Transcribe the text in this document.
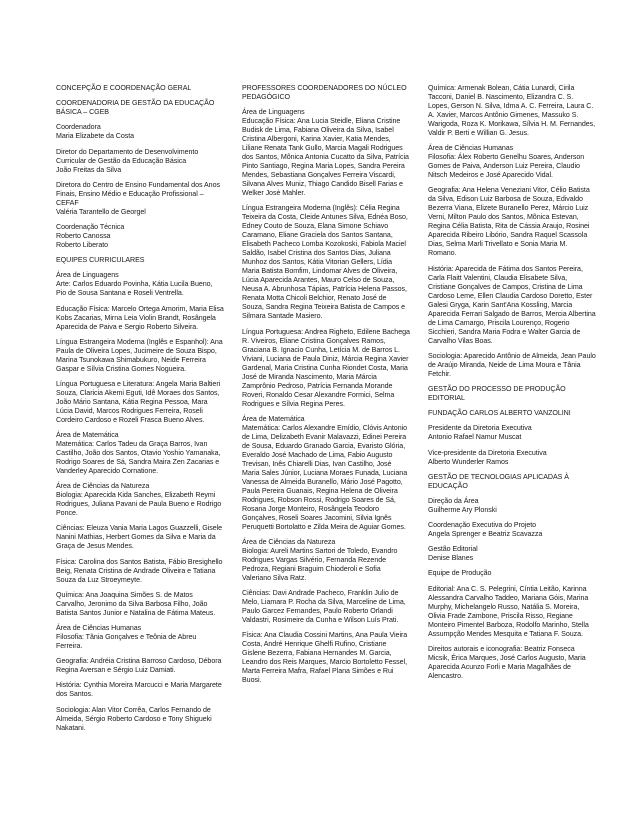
CONCEPÇÃO E COORDENAÇÃO GERAL

COORDENADORIA DE GESTÃO DA EDUCAÇÃO BÁSICA – CGEB

Coordenadora
Maria Elizabete da Costa

Diretor do Departamento de Desenvolvimento Curricular de Gestão da Educação Básica
João Freitas da Silva

Diretora do Centro de Ensino Fundamental dos Anos Finais, Ensino Médio e Educação Profissional – CEFAF
Valéria Tarantello de Georgel

Coordenação Técnica
Roberto Canossa
Roberto Liberato

EQUIPES CURRICULARES

Área de Linguagens
Arte: Carlos Eduardo Povinha, Kátia Lucila Bueno, Pio de Sousa Santana e Roseli Ventrella.

Educação Física: Marcelo Ortega Amorim, Maria Elisa Kobs Zacarias, Mirna Leia Violin Brandt, Rosângela Aparecida de Paiva e Sergio Roberto Silveira.

Língua Estrangeira Moderna (Inglês e Espanhol): Ana Paula de Oliveira Lopes, Jucimeire de Souza Bispo, Marina Tsunokawa Shimabukuro, Neide Ferreira Gaspar e Sílvia Cristina Gomes Nogueira.

Língua Portuguesa e Literatura: Angela Maria Baltieri Souza, Claricia Akemi Eguti, Idê Moraes dos Santos, João Mário Santana, Kátia Regina Pessoa, Mara Lúcia David, Marcos Rodrigues Ferreira, Roseli Cordeiro Cardoso e Rozeli Frasca Bueno Alves.

Área de Matemática
Matemática: Carlos Tadeu da Graça Barros, Ivan Castilho, João dos Santos, Otavio Yoshio Yamanaka, Rodrigo Soares de Sá, Sandra Maira Zen Zacarias e Vanderley Aparecido Cornatione.

Área de Ciências da Natureza
Biologia: Aparecida Kida Sanches, Elizabeth Reymi Rodrigues, Juliana Pavani de Paula Bueno e Rodrigo Ponce.

Ciências: Eleuza Vania Maria Lagos Guazzelli, Gisele Nanini Mathias, Herbert Gomes da Silva e Maria da Graça de Jesus Mendes.

Física: Carolina dos Santos Batista, Fábio Bresighello Beig, Renata Cristina de Andrade Oliveira e Tatiana Souza da Luz Stroeymeyte.

Química: Ana Joaquina Simões S. de Matos Carvalho, Jeronimo da Silva Barbosa Filho, João Batista Santos Junior e Natalina de Fátima Mateus.

Área de Ciências Humanas
Filosofia: Tânia Gonçalves e Teônia de Abreu Ferreira.

Geografia: Andréia Cristina Barroso Cardoso, Débora Regina Aversan e Sérgio Luiz Damiati.

História: Cynthia Moreira Marcucci e Maria Margarete dos Santos.

Sociologia: Alan Vitor Corrêa, Carlos Fernando de Almeida, Sérgio Roberto Cardoso e Tony Shigueki Nakatani.

PROFESSORES COORDENADORES DO NÚCLEO PEDAGÓGICO

Área de Linguagens
Educação Física: Ana Lucia Steidle, Eliana Cristine Budisk de Lima, Fabiana Oliveira da Silva, Isabel Cristina Albergoni, Karina Xavier, Katia Mendes, Liliane Renata Tank Gullo, Marcia Magali Rodrigues dos Santos, Mônica Antonia Cucatto da Silva, Patrícia Pinto Santiago, Regina Maria Lopes, Sandra Pereira Mendes, Sebastiana Gonçalves Ferreira Viscardi, Silvana Alves Muniz, Thiago Candido Bisell Farias e Welker Josè Mahler.

Língua Estrangeira Moderna (Inglês): Célia Regina Teixeira da Costa, Cleide Antunes Silva, Ednéa Boso, Edney Couto de Souza, Elana Simone Schiavo Caramano, Eliane Graciela dos Santos Santana, Elisabeth Pacheco Lomba Kozokoski, Fabiola Maciel Saldão, Isabel Cristina dos Santos Dias, Juliana Munhoz dos Santos, Kátia Vitorian Gellers, Lídia Maria Batista Bomfim, Lindomar Alves de Oliveira, Lúcia Aparecida Arantes, Mauro Celso de Souza, Neusa A. Abrunhosa Tápias, Patrícia Helena Passos, Renata Motta Chicoli Belchior, Renato José de Souza, Sandra Regina Teixeira Batista de Campos e Silmara Santade Masiero.

Língua Portuguesa: Andrea Righeto, Edilene Bachega R. Viveiros, Eliane Cristina Gonçalves Ramos, Graciana B. Ignacio Cunha, Letícia M. de Barros L. Viviani, Luciana de Paula Diniz, Márcia Regina Xavier Gardenal, Maria Cristina Cunha Riondet Costa, Maria José de Miranda Nascimento, Maria Márcia Zamprônio Pedroso, Patrícia Fernanda Morande Roveri, Ronaldo Cesar Alexandre Formici, Selma Rodrigues e Sílvia Regina Peres.

Área de Matemática
Matemática: Carlos Alexandre Emídio, Clóvis Antonio de Lima, Delizabeth Evanir Malavazzi, Edinei Pereira de Sousa, Eduardo Granado Garcia, Evaristo Glória, Everaldo José Machado de Lima, Fabio Augusto Trevisan, Inês Chiarelli Dias, Ivan Castilho, José Maria Sales Júnior, Luciana Moraes Funada, Luciana Vanessa de Almeida Buranello, Mário José Pagotto, Paula Pereira Guanais, Regina Helena de Oliveira Rodrigues, Robson Rossi, Rodrigo Soares de Sá, Rosana Jorge Monteiro, Rosângela Teodoro Gonçalves, Roseli Soares Jacomini, Silvia Ignês Peruquetti Bortolatto e Zilda Meira de Aguiar Gomes.

Área de Ciências da Natureza
Biologia: Aureli Martins Sartori de Toledo, Evandro Rodrigues Vargas Silvério, Fernanda Rezende Pedroza, Regiani Braguim Chioderoli e Sofia Valeriano Silva Ratz.

Ciências: Davi Andrade Pacheco, Franklin Julio de Melo, Liamara P. Rocha da Silva, Marceline de Lima, Paulo Garcez Fernandes, Paulo Roberto Orlandi Valdastri, Rosimeire da Cunha e Wilson Luís Prati.

Física: Ana Claudia Cossini Martins, Ana Paula Vieira Costa, André Henrique Ghelfi Rufino, Cristiane Gislene Bezerra, Fabiana Hernandes M. Garcia, Leandro dos Reis Marques, Marcio Bortoletto Fessel, Marta Ferreira Mafra, Rafael Plana Simões e Rui Buosi.

Química: Armenak Bolean, Cátia Lunardi, Cirila Tacconi, Daniel B. Nascimento, Elizandra C. S. Lopes, Gerson N. Silva, Idma A. C. Ferreira, Laura C. A. Xavier, Marcos Antônio Gimenes, Massuko S. Warigoda, Roza K. Morikawa, Sílvia H. M. Fernandes, Valdir P. Berti e Willian G. Jesus.

Área de Ciências Humanas
Filosofia: Álex Roberto Genelhu Soares, Anderson Gomes de Paiva, Anderson Luiz Pereira, Claudio Nitsch Medeiros e José Aparecido Vidal.

Geografia: Ana Helena Veneziani Vitor, Célio Batista da Silva, Edison Luiz Barbosa de Souza, Edivaldo Bezerra Viana, Elizete Buranello Perez, Márcio Luiz Verni, Milton Paulo dos Santos, Mônica Estevan, Regina Célia Batista, Rita de Cássia Araujo, Rosinei Aparecida Ribeiro Libório, Sandra Raquel Scassola Dias, Selma Marli Trivellato e Sonia Maria M. Romano.

História: Aparecida de Fátima dos Santos Pereira, Carla Flaitt Valentini, Claudia Elisabete Silva, Cristiane Gonçalves de Campos, Cristina de Lima Cardoso Leme, Ellen Claudia Cardoso Doretto, Ester Galesi Gryga, Karin Sant'Ana Kossling, Marcia Aparecida Ferrari Salgado de Barros, Mercia Albertina de Lima Camargo, Priscila Lourenço, Rogerio Sicchieri, Sandra Maria Fodra e Walter Garcia de Carvalho Vilas Boas.

Sociologia: Aparecido Antônio de Almeida, Jean Paulo de Araújo Miranda, Neide de Lima Moura e Tânia Fetchir.

GESTÃO DO PROCESSO DE PRODUÇÃO EDITORIAL

FUNDAÇÃO CARLOS ALBERTO VANZOLINI

Presidente da Diretoria Executiva
Antonio Rafael Namur Muscat

Vice-presidente da Diretoria Executiva
Alberto Wunderler Ramos

GESTÃO DE TECNOLOGIAS APLICADAS À EDUCAÇÃO

Direção da Área
Guilherme Ary Plonski

Coordenação Executiva do Projeto
Angela Sprenger e Beatriz Scavazza

Gestão Editorial
Denise Blanes

Equipe de Produção

Editorial: Ana C. S. Pelegrini, Cíntia Leitão, Karinna Alessandra Carvalho Taddeo, Mariana Góis, Marina Murphy, Michelangelo Russo, Natália S. Moreira, Olivia Frade Zambone, Priscila Risso, Regiane Monteiro Pimentel Barboza, Rodolfo Marinho, Stella Assumpção Mendes Mesquita e Tatiana F. Souza.

Direitos autorais e iconografia: Beatriz Fonseca Micsik, Érica Marques, José Carlos Augusto, Maria Aparecida Acunzo Forli e Maria Magalhães de Alencastro.
